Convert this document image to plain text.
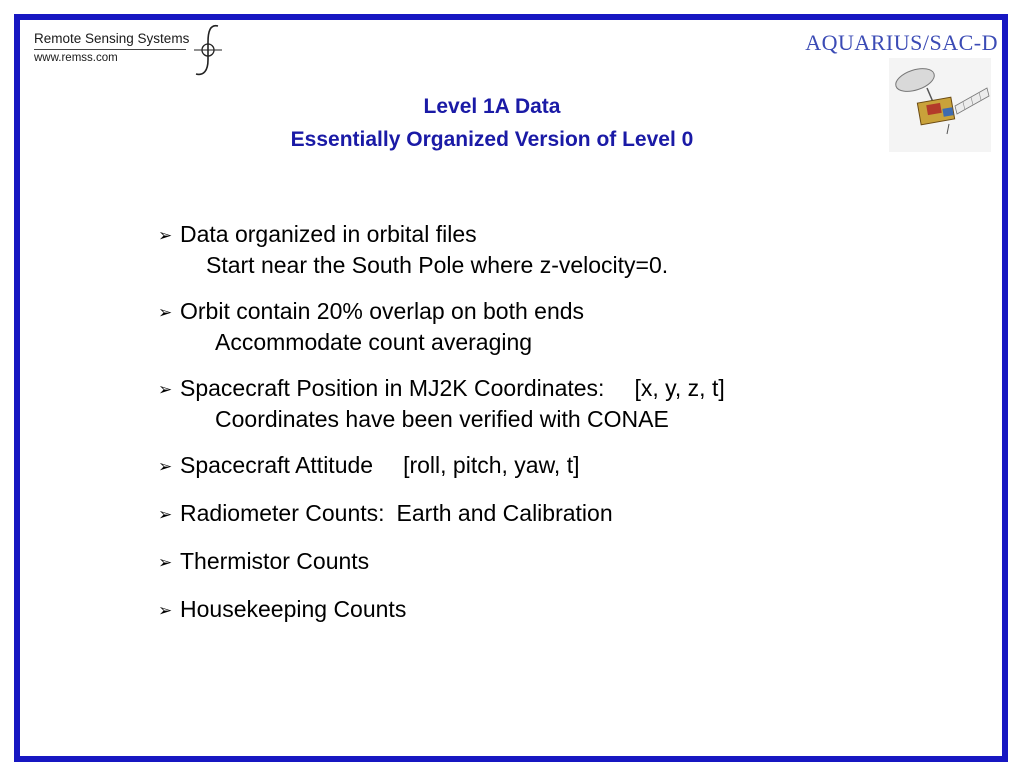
Remote Sensing Systems
www.remss.com
AQUARIUS/SAC-D
Level 1A Data
Essentially Organized Version of Level 0
➢ Data organized in orbital files
Start near the South Pole where z-velocity=0.
➢ Orbit contain 20% overlap on both ends
Accommodate count averaging
➢ Spacecraft Position in MJ2K Coordinates: [x, y, z, t]
Coordinates have been verified with CONAE
➢ Spacecraft Attitude [roll, pitch, yaw, t]
➢ Radiometer Counts: Earth and Calibration
➢ Thermistor Counts
➢ Housekeeping Counts
